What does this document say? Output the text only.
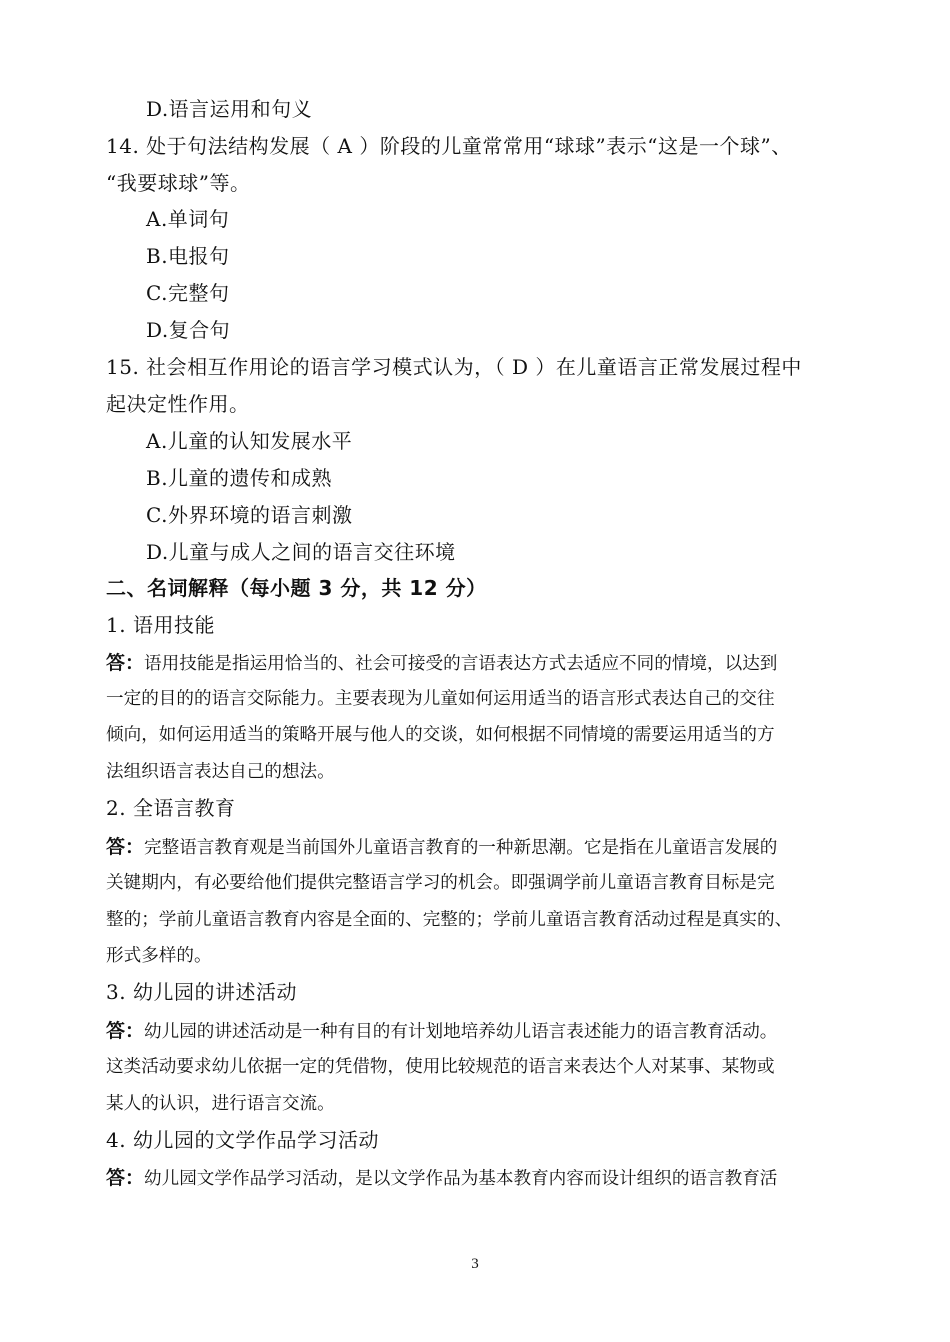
D.语言运用和句义
14. 处于句法结构发展（ A ）阶段的儿童常常用“球球”表示“这是一个球”、
“我要球球”等。
A.单词句
B.电报句
C.完整句
D.复合句
15. 社会相互作用论的语言学习模式认为，（ D ）在儿童语言正常发展过程中
起决定性作用。
A.儿童的认知发展水平
B.儿童的遗传和成熟
C.外界环境的语言刺激
D.儿童与成人之间的语言交往环境
二、名词解释（每小题 3 分，共 12 分）
1. 语用技能
答：语用技能是指运用恰当的、社会可接受的言语表达方式去适应不同的情境，以达到
一定的目的的语言交际能力。主要表现为儿童如何运用适当的语言形式表达自己的交往
倾向，如何运用适当的策略开展与他人的交谈，如何根据不同情境的需要运用适当的方
法组织语言表达自己的想法。
2. 全语言教育
答：完整语言教育观是当前国外儿童语言教育的一种新思潮。它是指在儿童语言发展的
关键期内，有必要给他们提供完整语言学习的机会。即强调学前儿童语言教育目标是完
整的；学前儿童语言教育内容是全面的、完整的；学前儿童语言教育活动过程是真实的、
形式多样的。
3. 幼儿园的讲述活动
答：幼儿园的讲述活动是一种有目的有计划地培养幼儿语言表述能力的语言教育活动。
这类活动要求幼儿依据一定的凭借物，使用比较规范的语言来表达个人对某事、某物或
某人的认识，进行语言交流。
4. 幼儿园的文学作品学习活动
答：幼儿园文学作品学习活动，是以文学作品为基本教育内容而设计组织的语言教育活
3
